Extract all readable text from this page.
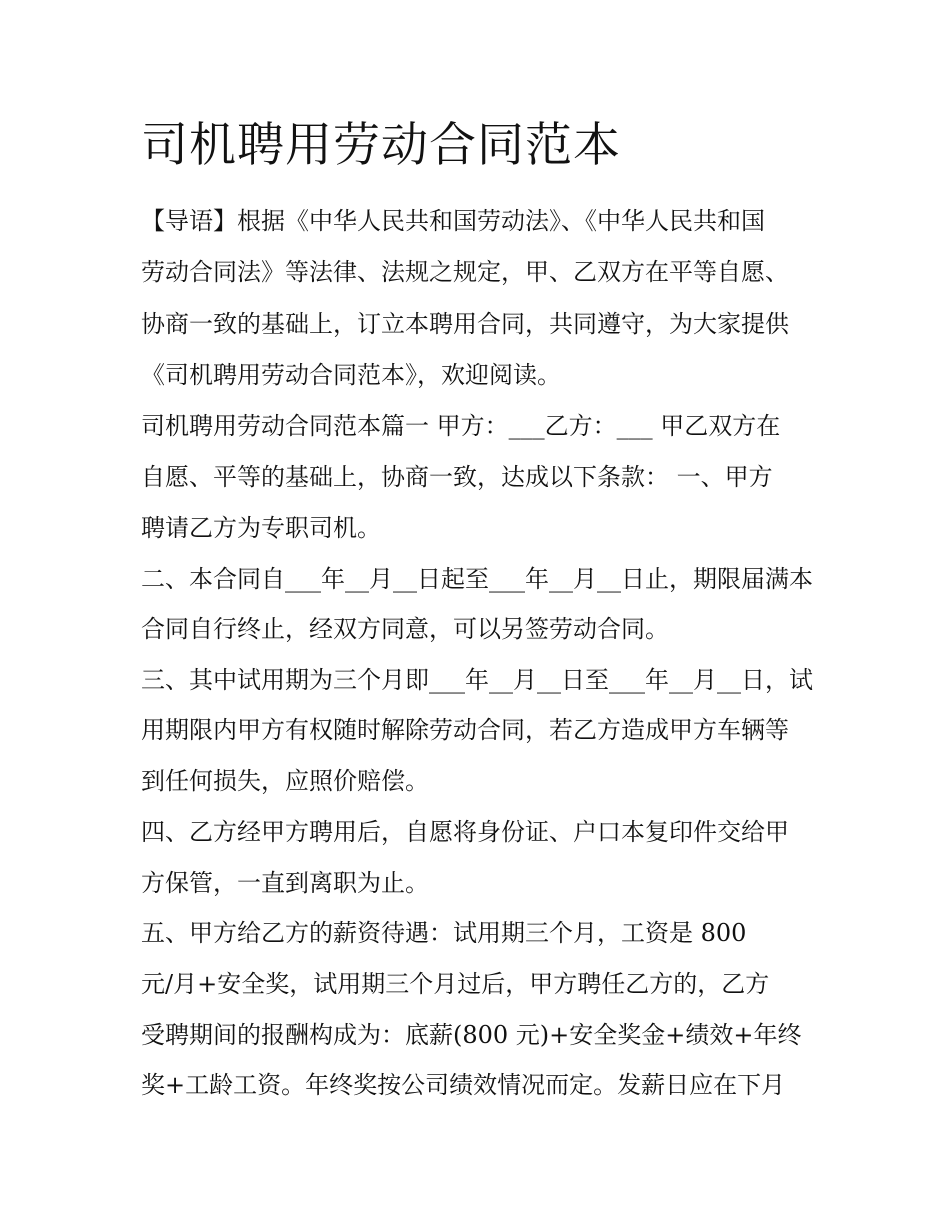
司机聘用劳动合同范本

【导语】根据《中华人民共和国劳动法》、《中华人民共和国

劳动合同法》等法律、法规之规定，甲、乙双方在平等自愿、

协商一致的基础上，订立本聘用合同，共同遵守，为大家提供

《司机聘用劳动合同范本》，欢迎阅读。

司机聘用劳动合同范本篇一 甲方：___乙方：___ 甲乙双方在

自愿、平等的基础上，协商一致，达成以下条款： 一、甲方

聘请乙方为专职司机。

二、本合同自___年__月__日起至___年__月__日止，期限届满本

合同自行终止，经双方同意，可以另签劳动合同。

三、其中试用期为三个月即___年__月__日至___年__月__日，试

用期限内甲方有权随时解除劳动合同，若乙方造成甲方车辆等

到任何损失，应照价赔偿。

四、乙方经甲方聘用后，自愿将身份证、户口本复印件交给甲

方保管，一直到离职为止。

五、甲方给乙方的薪资待遇：试用期三个月，工资是 800

元/月+安全奖，试用期三个月过后，甲方聘任乙方的，乙方

受聘期间的报酬构成为：底薪(800 元)+安全奖金+绩效+年终

奖+工龄工资。年终奖按公司绩效情况而定。发薪日应在下月
